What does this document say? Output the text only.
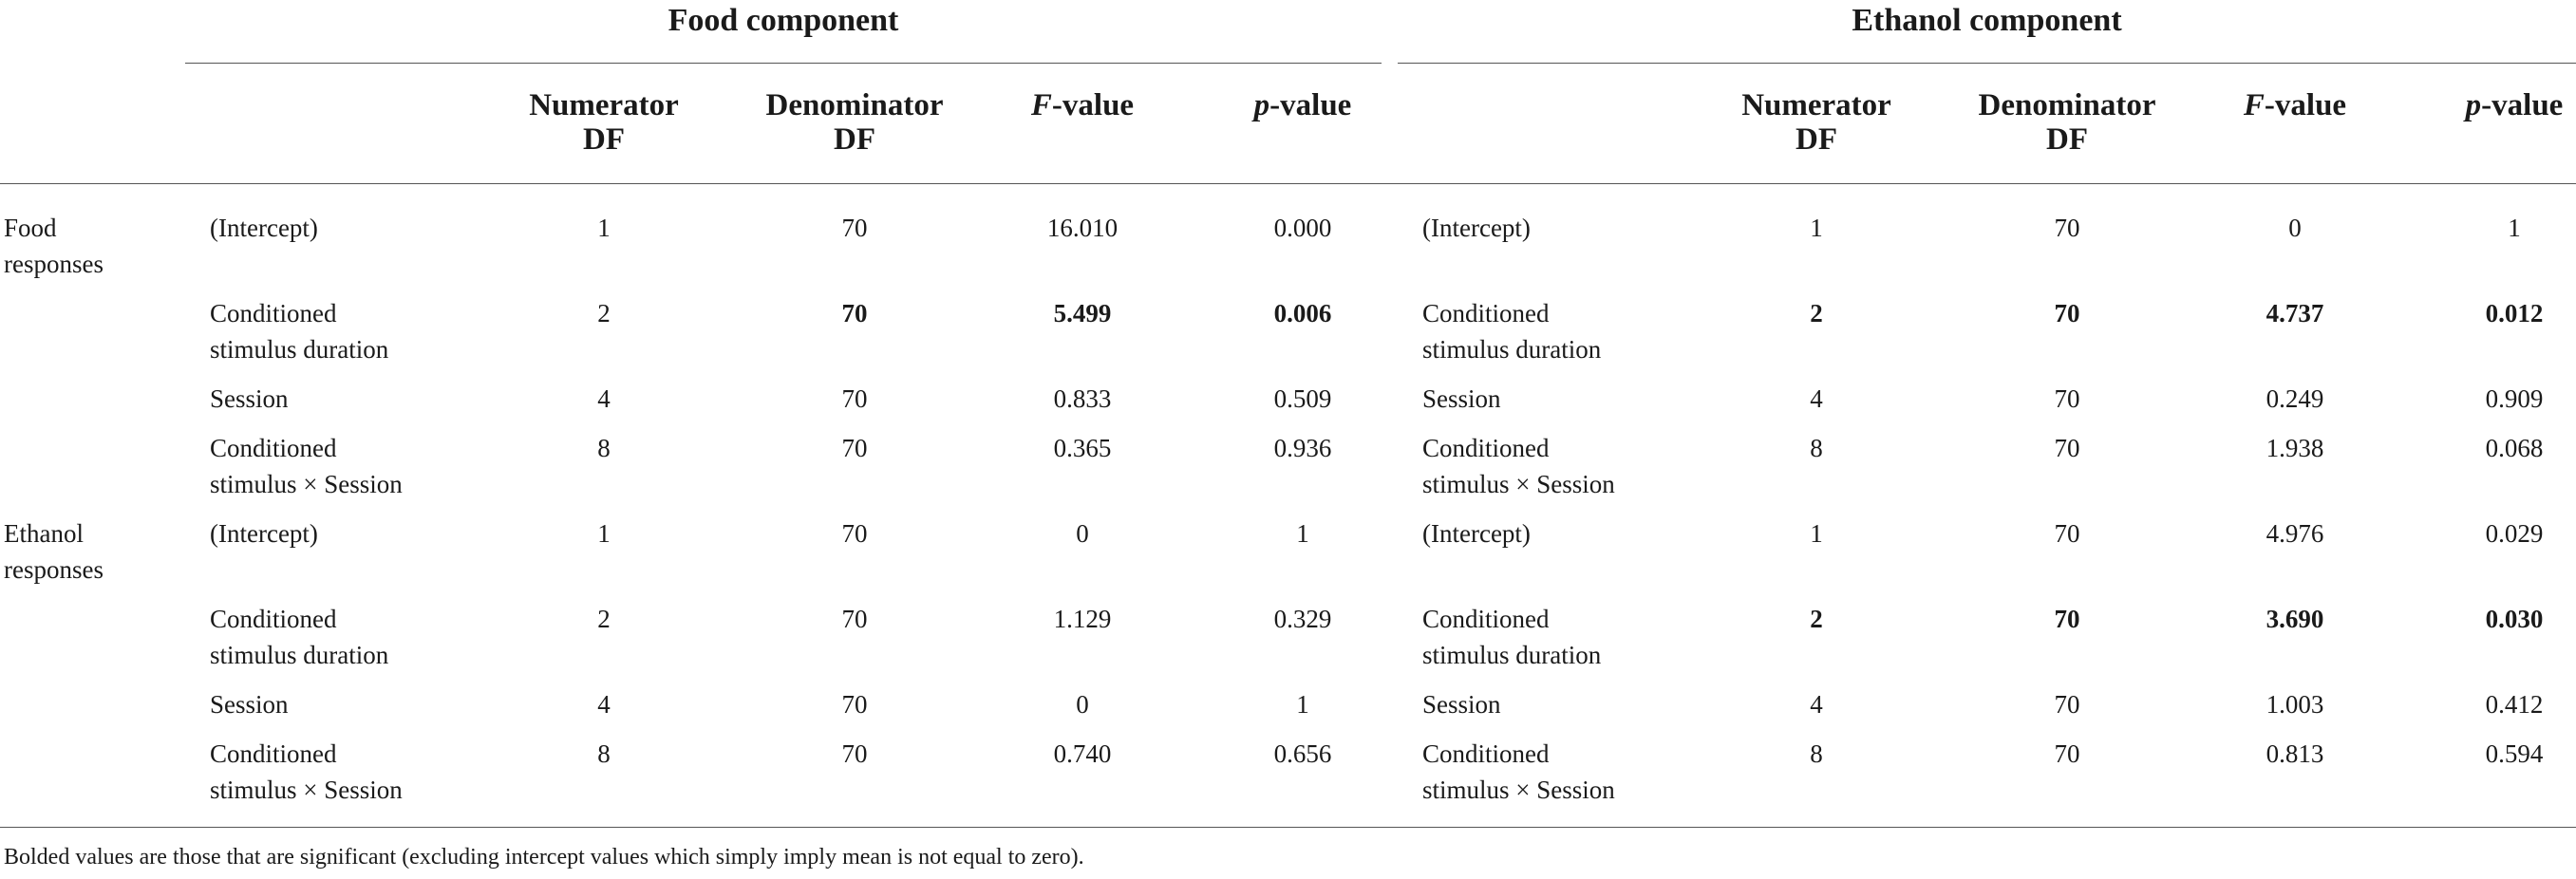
Food component	Ethanol component
Numerator
DF
Denominator
DF
F-value	p-value	Numerator
DF
Denominator
DF
F-value	p-value
Food
responses
(Intercept)	1	70	16.010	0.000	(Intercept)	1	70	0	1
Conditioned
stimulus duration
2	70	5.499	0.006	Conditioned
stimulus duration
2	70	4.737	0.012
Session	4	70	0.833	0.509	Session	4	70	0.249	0.909
Conditioned
stimulus × Session
8	70	0.365	0.936	Conditioned
stimulus × Session
8	70	1.938	0.068
Ethanol
responses
(Intercept)	1	70	0	1	(Intercept)	1	70	4.976	0.029
Conditioned
stimulus duration
2	70	1.129	0.329	Conditioned
stimulus duration
2	70	3.690	0.030
Session	4	70	0	1	Session	4	70	1.003	0.412
Conditioned
stimulus × Session
8	70	0.740	0.656	Conditioned
stimulus × Session
8	70	0.813	0.594
Bolded values are those that are significant (excluding intercept values which simply imply mean is not equal to zero).
